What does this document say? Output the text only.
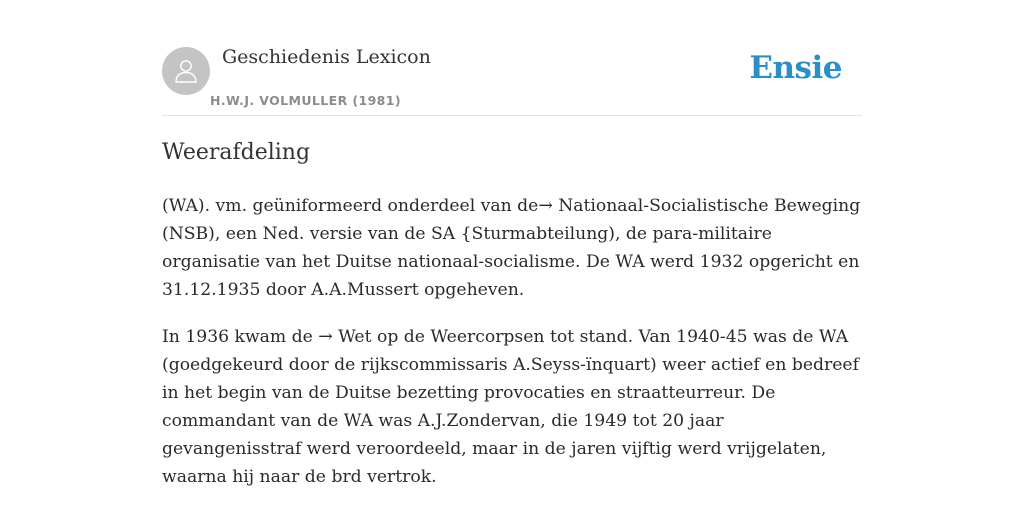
Geschiedenis Lexicon
H.W.J. VOLMULLER (1981)
Ensie
Weerafdeling

(WA). vm. geüniformeerd onderdeel van de→ Nationaal-Socialistische Beweging (NSB), een Ned. versie van de SA {Sturmabteilung), de para-militaire organisatie van het Duitse nationaal-socialisme. De WA werd 1932 opgericht en 31.12.1935 door A.A.Mussert opgeheven.

In 1936 kwam de → Wet op de Weercorpsen tot stand. Van 1940-45 was de WA (goedgekeurd door de rijkscommissaris A.Seyss-ïnquart) weer actief en bedreef in het begin van de Duitse bezetting provocaties en straatteurreur. De commandant van de WA was A.J.Zondervan, die 1949 tot 20 jaar gevangenisstraf werd veroordeeld, maar in de jaren vijftig werd vrijgelaten, waarna hij naar de brd vertrok.
